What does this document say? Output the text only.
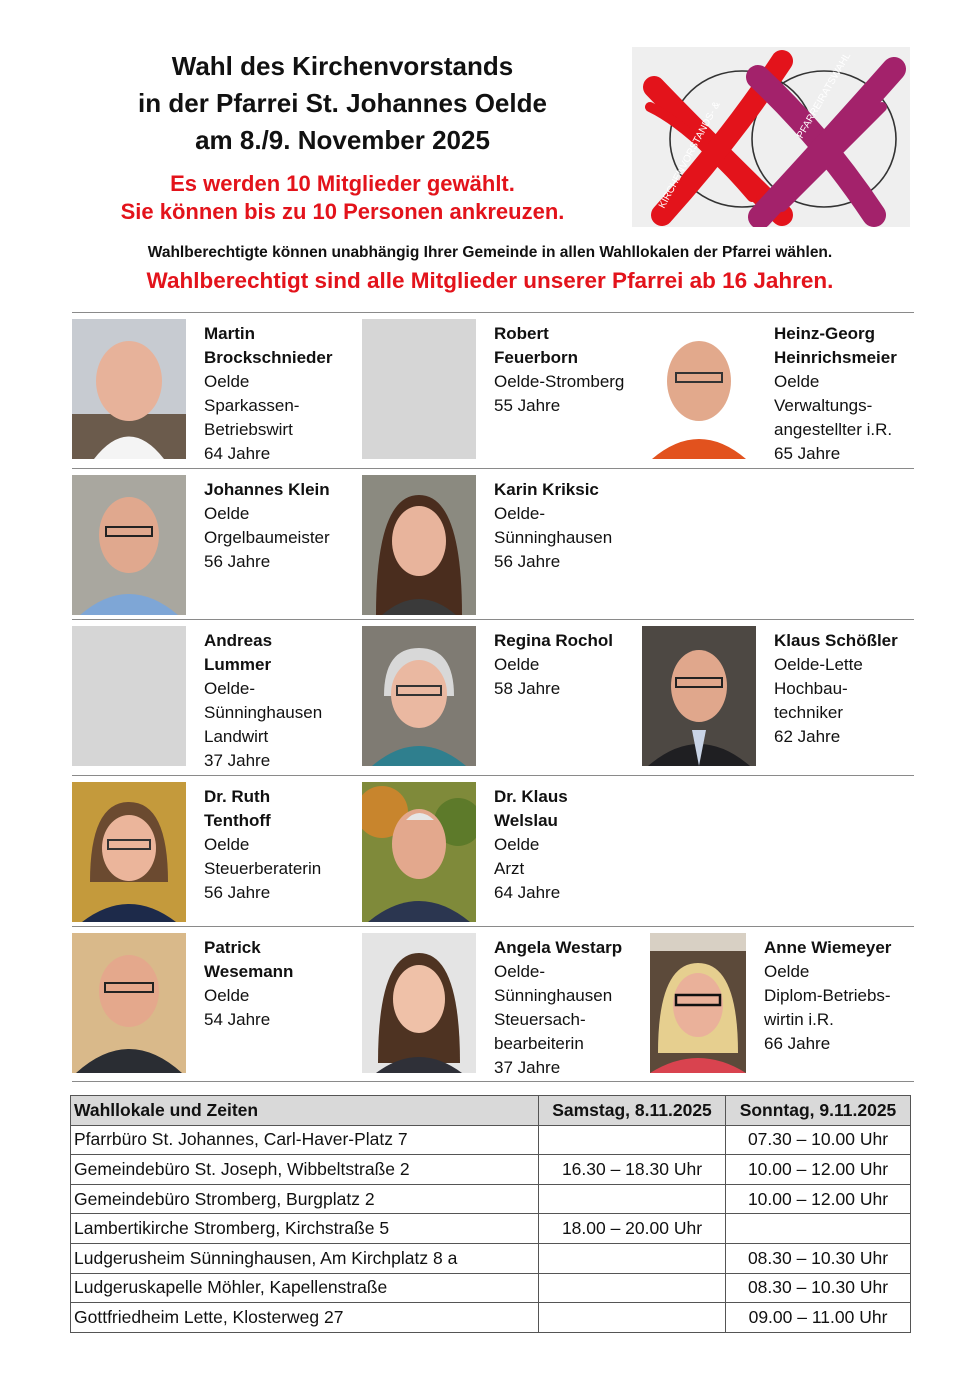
Wahl des Kirchenvorstands
in der Pfarrei St. Johannes Oelde
am 8./9. November 2025
Es werden 10 Mitglieder gewählt.
Sie können bis zu 10 Personen ankreuzen.
KIRCHENVORSTANDS- &
PFARREIRATSWAHL
Wahlberechtigte können unabhängig Ihrer Gemeinde in allen Wahllokalen der Pfarrei wählen.
Wahlberechtigt sind alle Mitglieder unserer Pfarrei ab 16 Jahren.
Martin
Brockschnieder
Oelde
Sparkassen-
Betriebswirt
64 Jahre
Robert
Feuerborn
Oelde-Stromberg
55 Jahre
Heinz-Georg
Heinrichsmeier
Oelde
Verwaltungs-
angestellter i.R.
65 Jahre
Johannes Klein
Oelde
Orgelbaumeister
56 Jahre
Karin Kriksic
Oelde-
Sünninghausen
56 Jahre
Andreas
Lummer
Oelde-
Sünninghausen
Landwirt
37 Jahre
Regina Rochol
Oelde
58 Jahre
Klaus Schößler
Oelde-Lette
Hochbau-
techniker
62 Jahre
Dr. Ruth
Tenthoff
Oelde
Steuerberaterin
56 Jahre
Dr. Klaus
Welslau
Oelde
Arzt
64 Jahre
Patrick
Wesemann
Oelde
54 Jahre
Angela Westarp
Oelde-
Sünninghausen
Steuersach-
bearbeiterin
37 Jahre
Anne Wiemeyer
Oelde
Diplom-Betriebs-
wirtin i.R.
66 Jahre
Wahllokale und Zeiten	Samstag, 8.11.2025	Sonntag, 9.11.2025
Pfarrbüro St. Johannes, Carl-Haver-Platz 7		07.30 – 10.00 Uhr
Gemeindebüro St. Joseph, Wibbeltstraße 2	16.30 – 18.30 Uhr	10.00 – 12.00 Uhr
Gemeindebüro Stromberg, Burgplatz 2		10.00 – 12.00 Uhr
Lambertikirche Stromberg, Kirchstraße 5	18.00 – 20.00 Uhr	
Ludgerusheim Sünninghausen, Am Kirchplatz 8 a		08.30 – 10.30 Uhr
Ludgeruskapelle Möhler, Kapellenstraße		08.30 – 10.30 Uhr
Gottfriedheim Lette, Klosterweg 27		09.00 – 11.00 Uhr
